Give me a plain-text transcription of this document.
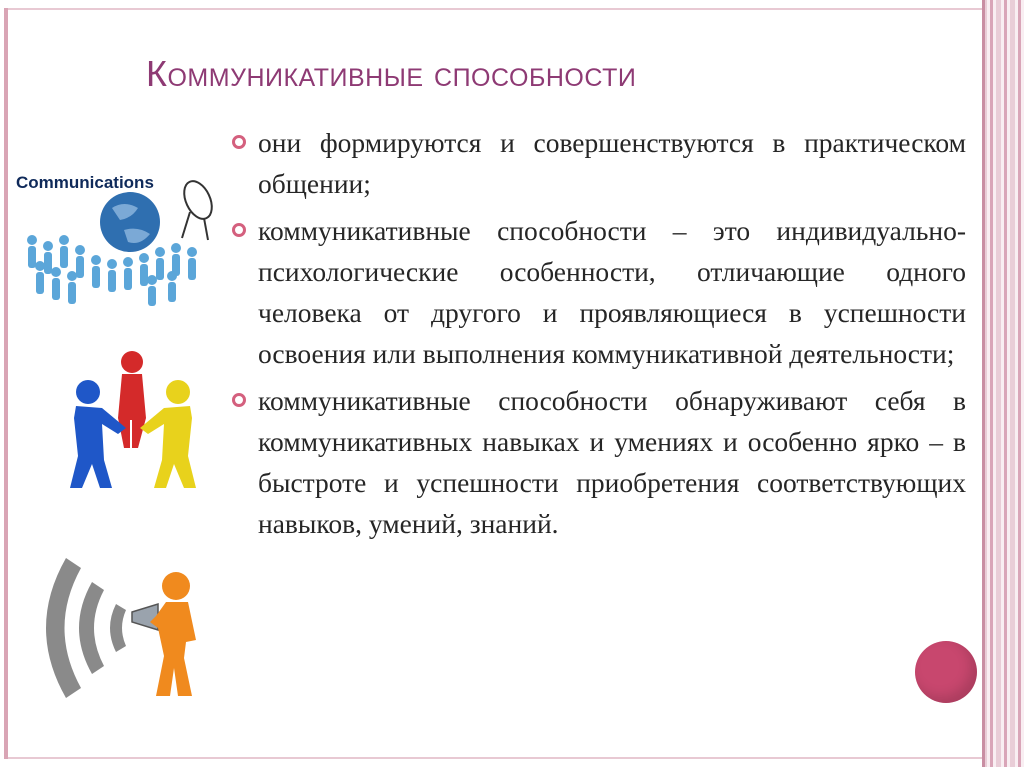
Коммуникативные способности
Communications
они формируются и совершенствуются в практическом общении;
коммуникативные способности – это индивидуально-психологические особенности, отличающие одного человека от другого и проявляющиеся в успешности освоения или выполнения коммуникативной деятельности;
коммуникативные способности обнаруживают себя в коммуникативных навыках и умениях и особенно ярко – в быстроте и успешности приобретения соответствующих навыков, умений, знаний.
